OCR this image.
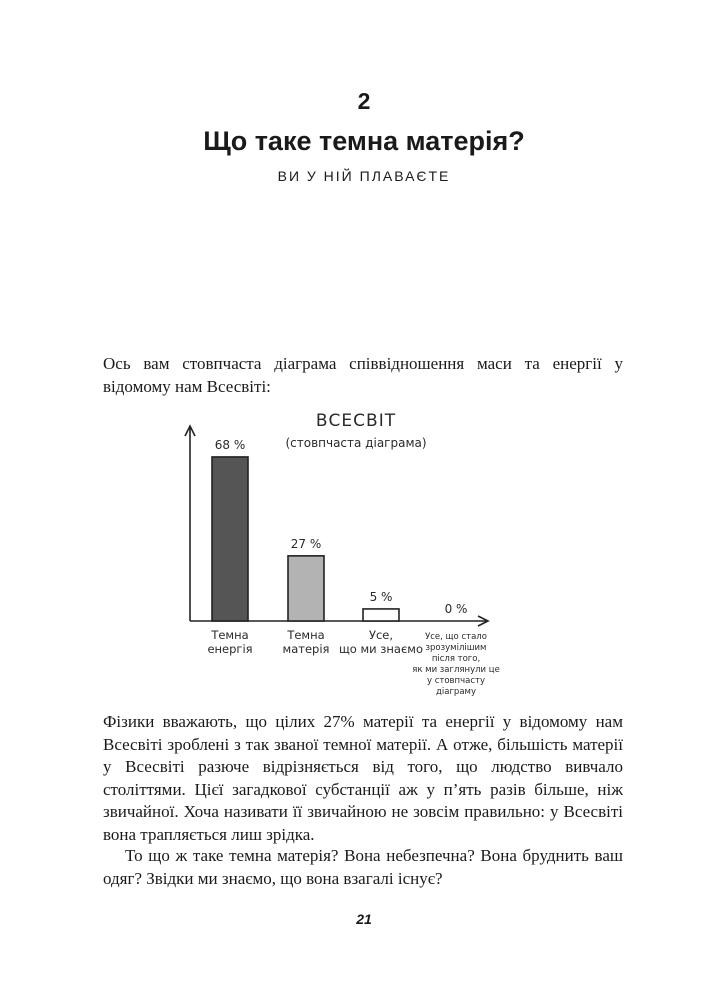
2
Що таке темна матерія?
ВИ У НІЙ ПЛАВАЄТЕ

Ось вам стовпчаста діаграма співвідношення маси та енергії у відомому нам Всесвіті:

ВСЕСВІТ
(стовпчаста діаграма)
68 %
Темна енергія
27 %
Темна матерія
5 %
Усе, що ми знаємо
0 %
Усе, що стало зрозумілішим після того, як ми заглянули це у стовпчасту діаграму

Фізики вважають, що цілих 27% матерії та енергії у відомому нам Всесвіті зроблені з так званої темної матерії. А отже, більшість матерії у Всесвіті разюче відрізняється від того, що людство вивчало століттями. Цієї загадкової субстанції аж у п’ять разів більше, ніж звичайної. Хоча називати її звичайною не зовсім правильно: у Всесвіті вона трапляється лиш зрідка.

То що ж таке темна матерія? Вона небезпечна? Вона бруднить ваш одяг? Звідки ми знаємо, що вона взагалі існує?

21
